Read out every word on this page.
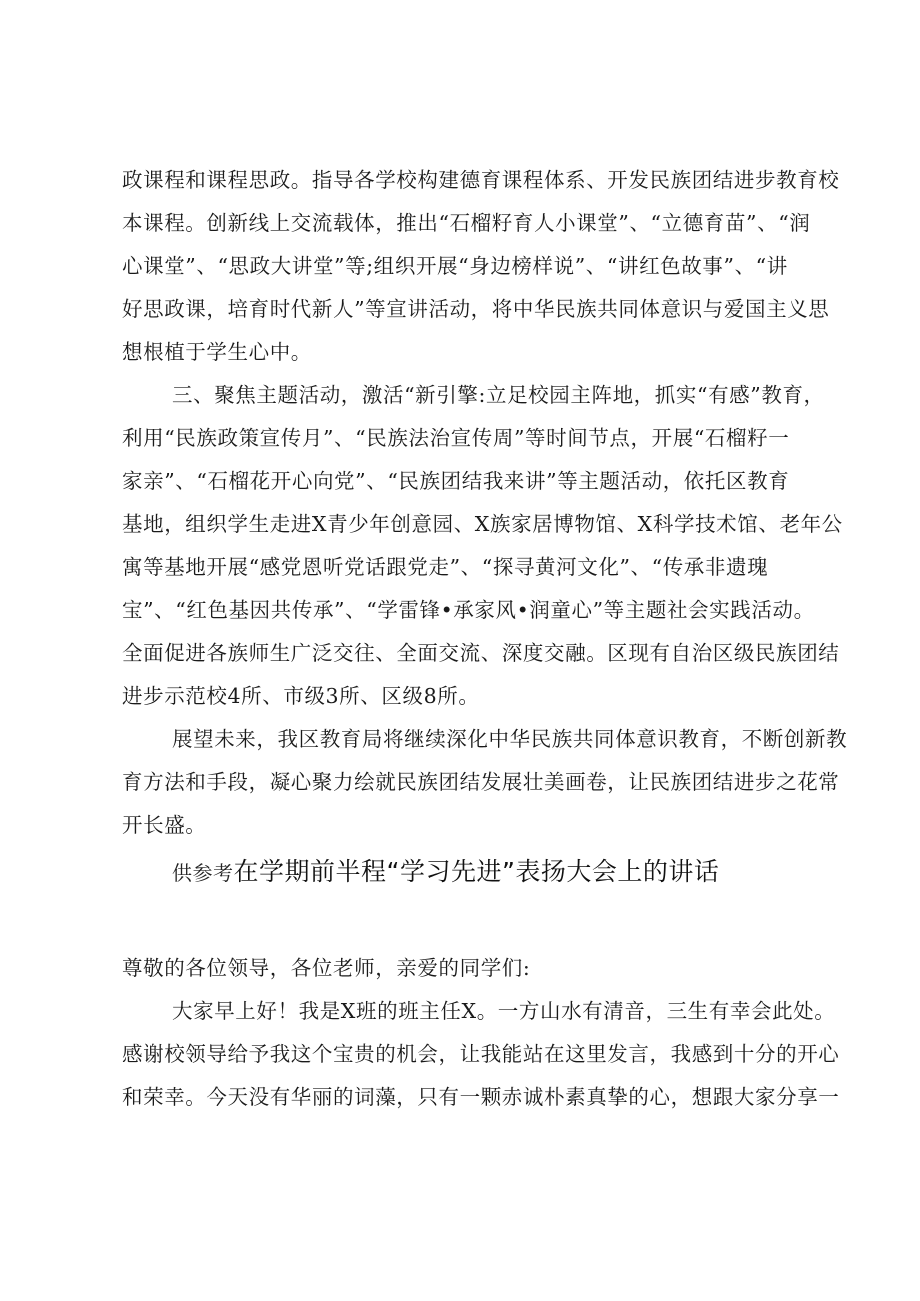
政课程和课程思政。指导各学校构建德育课程体系、开发民族团结进步教育校
本课程。创新线上交流载体，推出“石榴籽育人小课堂”、“立德育苗”、“润
心课堂”、“思政大讲堂”等;组织开展“身边榜样说”、“讲红色故事”、“讲
好思政课，培育时代新人”等宣讲活动，将中华民族共同体意识与爱国主义思
想根植于学生心中。
三、聚焦主题活动，激活“新引擎:立足校园主阵地，抓实“有感”教育，
利用“民族政策宣传月”、“民族法治宣传周”等时间节点，开展“石榴籽一
家亲”、“石榴花开心向党”、“民族团结我来讲”等主题活动，依托区教育
基地，组织学生走进X青少年创意园、X族家居博物馆、X科学技术馆、老年公
寓等基地开展“感党恩听党话跟党走”、“探寻黄河文化”、“传承非遗瑰
宝”、“红色基因共传承”、“学雷锋•承家风•润童心”等主题社会实践活动。
全面促进各族师生广泛交往、全面交流、深度交融。区现有自治区级民族团结
进步示范校4所、市级3所、区级8所。
展望未来，我区教育局将继续深化中华民族共同体意识教育，不断创新教
育方法和手段，凝心聚力绘就民族团结发展壮美画卷，让民族团结进步之花常
开长盛。
供参考在学期前半程“学习先进”表扬大会上的讲话
尊敬的各位领导，各位老师，亲爱的同学们:
大家早上好！我是X班的班主任X。一方山水有清音，三生有幸会此处。
感谢校领导给予我这个宝贵的机会，让我能站在这里发言，我感到十分的开心
和荣幸。今天没有华丽的词藻，只有一颗赤诚朴素真挚的心，想跟大家分享一
